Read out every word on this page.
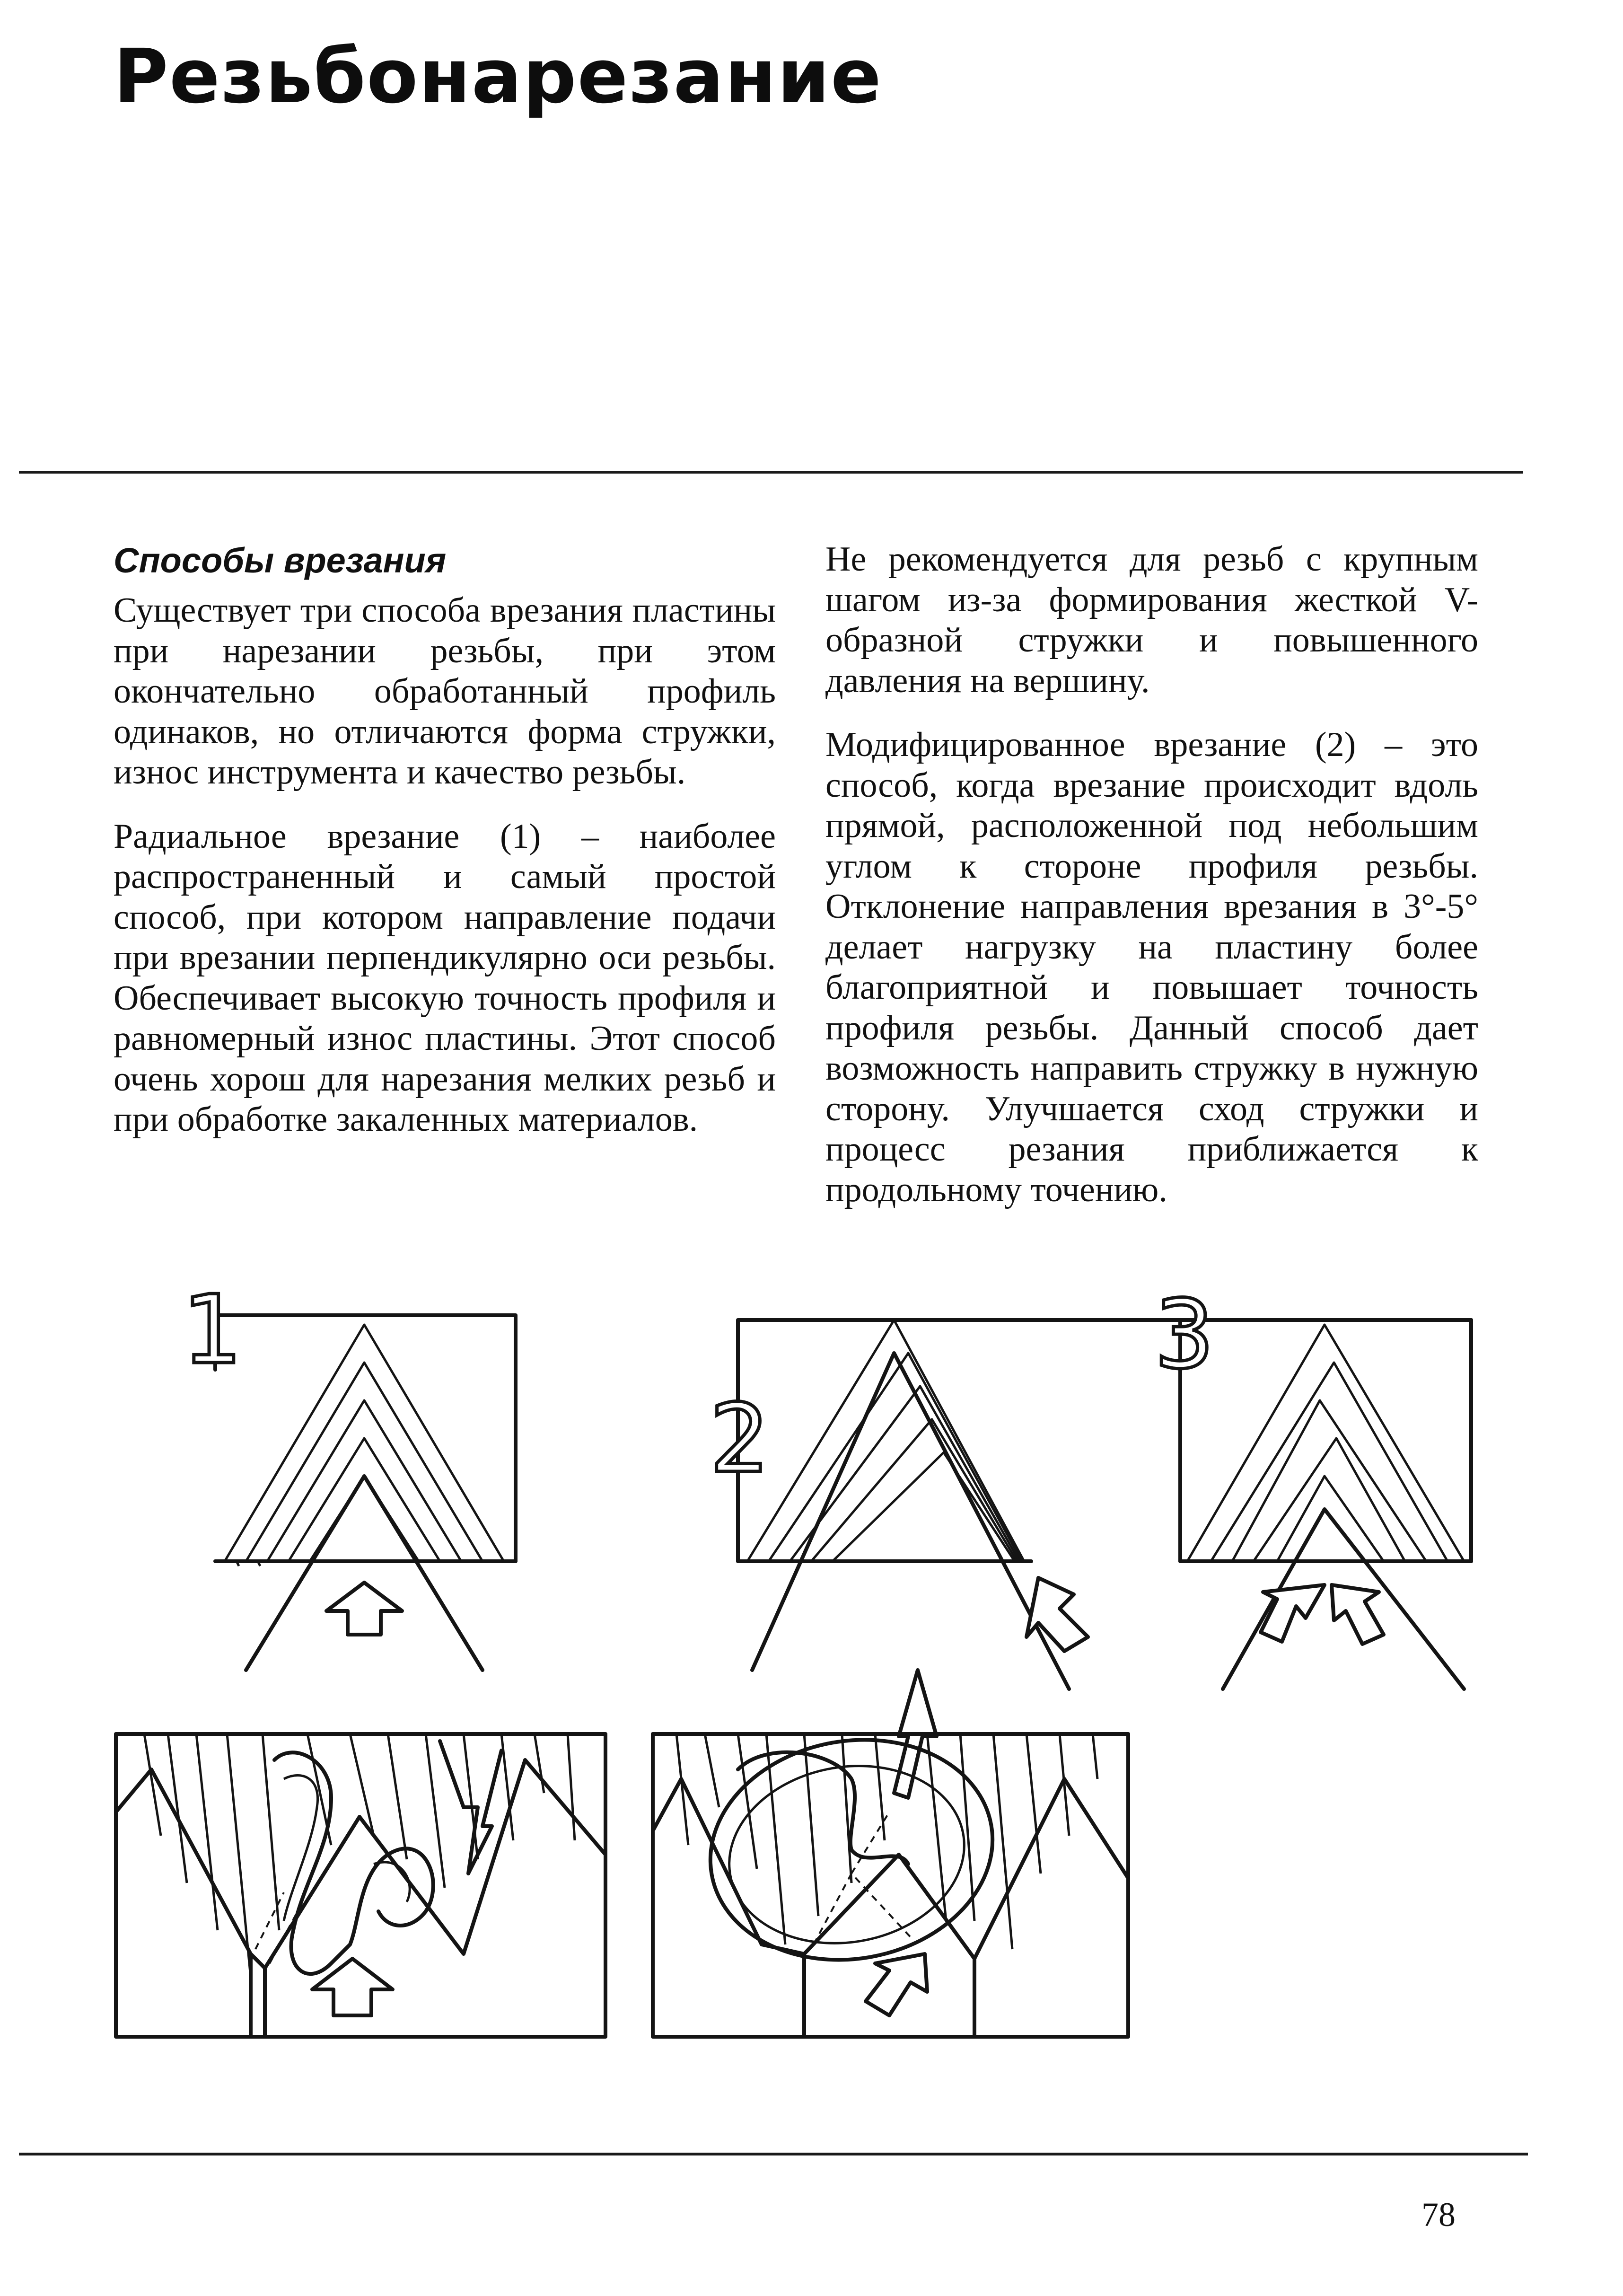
Резьбонарезание
Способы врезания

Существует три способа врезания пластины при нарезании резьбы, при этом окончательно обработанный профиль одинаков, но отличаются форма стружки, износ инструмента и качество резьбы.

Радиальное врезание (1) – наиболее распространенный и самый простой способ, при котором направление подачи при врезании перпендикулярно оси резьбы. Обеспечивает высокую точность профиля и равномерный износ пластины. Этот способ очень хорош для нарезания мелких резьб и при обработке закаленных материалов.

Не рекомендуется для резьб с крупным шагом из-за формирования жесткой V-образной стружки и повышенного давления на вершину.

Модифицированное врезание (2) – это способ, когда врезание происходит вдоль прямой, расположенной под небольшим углом к стороне профиля резьбы. Отклонение направления врезания в 3°-5° делает нагрузку на пластину более благоприятной и повышает точность профиля резьбы. Данный способ дает возможность направить стружку в нужную сторону. Улучшается сход стружки и процесс резания приближается к продольному точению.

1
2
3
78
